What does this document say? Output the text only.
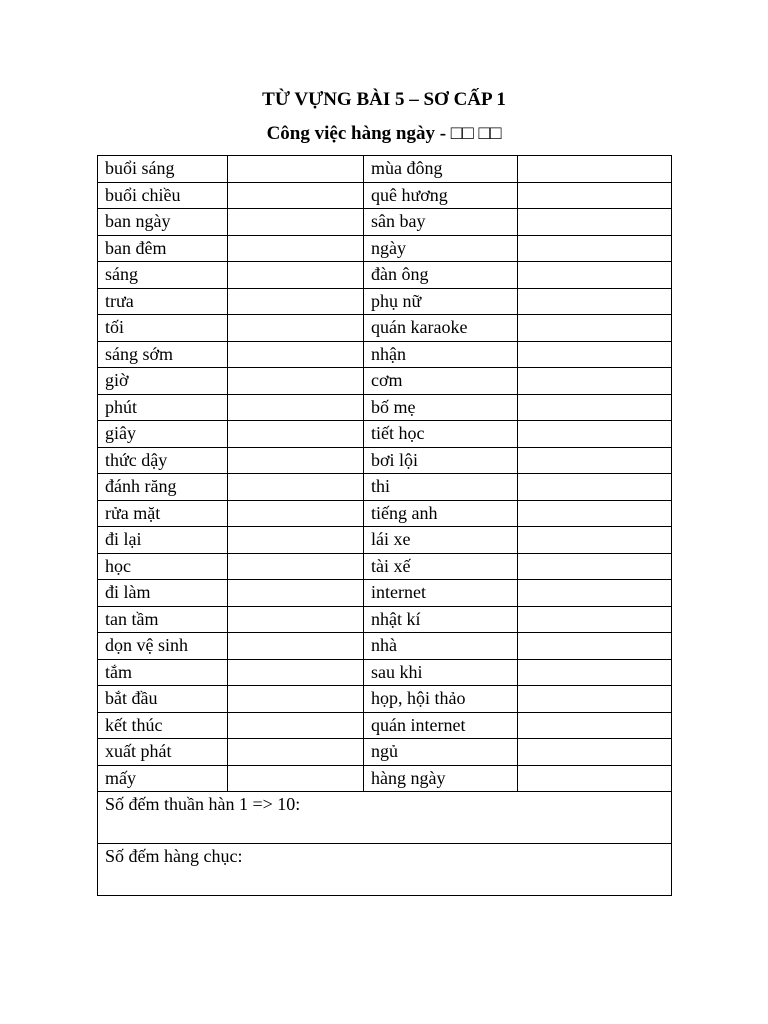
TỪ VỰNG BÀI 5 – SƠ CẤP 1
Công việc hàng ngày - □□ □□
buổi sáng		mùa đông	
buổi chiều		quê hương	
ban ngày		sân bay	
ban đêm		ngày	
sáng		đàn ông	
trưa		phụ nữ	
tối		quán karaoke	
sáng sớm		nhận	
giờ		cơm	
phút		bố mẹ	
giây		tiết học	
thức dậy		bơi lội	
đánh răng		thi	
rửa mặt		tiếng anh	
đi lại		lái xe	
học		tài xế	
đi làm		internet	
tan tầm		nhật kí	
dọn vệ sinh		nhà	
tắm		sau khi	
bắt đầu		họp, hội thảo	
kết thúc		quán internet	
xuất phát		ngủ	
mấy		hàng ngày	
Số đếm thuần hàn 1 => 10:			
Số đếm hàng chục:			
